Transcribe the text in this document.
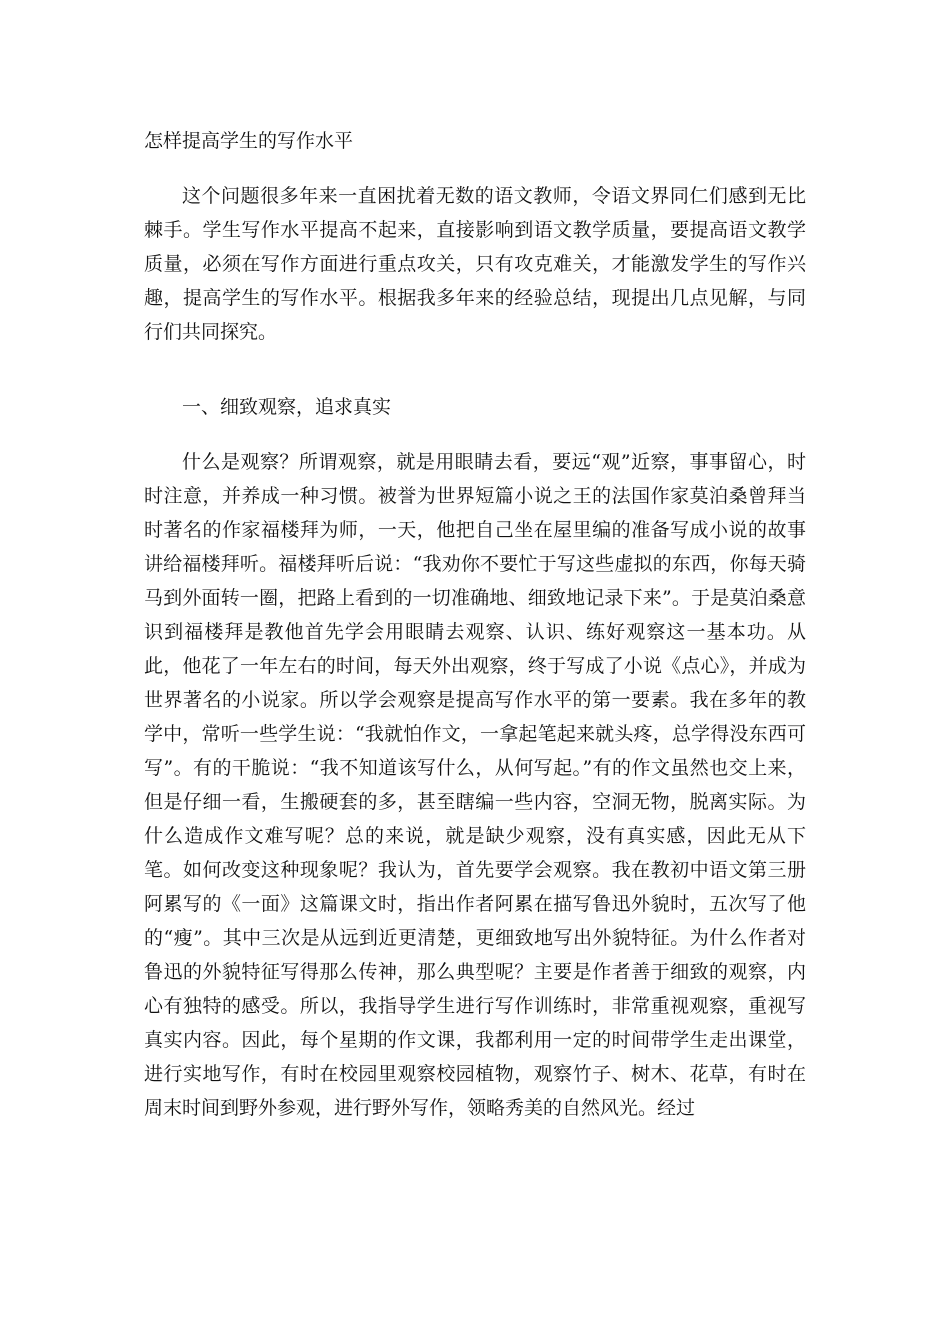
怎样提高学生的写作水平

这个问题很多年来一直困扰着无数的语文教师，令语文界同仁们感到无比棘手。学生写作水平提高不起来，直接影响到语文教学质量，要提高语文教学质量，必须在写作方面进行重点攻关，只有攻克难关，才能激发学生的写作兴趣，提高学生的写作水平。根据我多年来的经验总结，现提出几点见解，与同行们共同探究。

一、细致观察，追求真实

什么是观察？所谓观察，就是用眼睛去看，要远“观”近察，事事留心，时时注意，并养成一种习惯。被誉为世界短篇小说之王的法国作家莫泊桑曾拜当时著名的作家福楼拜为师，一天，他把自己坐在屋里编的准备写成小说的故事讲给福楼拜听。福楼拜听后说：“我劝你不要忙于写这些虚拟的东西，你每天骑马到外面转一圈，把路上看到的一切准确地、细致地记录下来”。于是莫泊桑意识到福楼拜是教他首先学会用眼睛去观察、认识、练好观察这一基本功。从此，他花了一年左右的时间，每天外出观察，终于写成了小说《点心》，并成为世界著名的小说家。所以学会观察是提高写作水平的第一要素。我在多年的教学中，常听一些学生说：“我就怕作文，一拿起笔起来就头疼，总学得没东西可写”。有的干脆说：“我不知道该写什么，从何写起。”有的作文虽然也交上来，但是仔细一看，生搬硬套的多，甚至瞎编一些内容，空洞无物，脱离实际。为什么造成作文难写呢？总的来说，就是缺少观察，没有真实感，因此无从下笔。如何改变这种现象呢？我认为，首先要学会观察。我在教初中语文第三册阿累写的《一面》这篇课文时，指出作者阿累在描写鲁迅外貌时，五次写了他的“瘦”。其中三次是从远到近更清楚，更细致地写出外貌特征。为什么作者对鲁迅的外貌特征写得那么传神，那么典型呢？主要是作者善于细致的观察，内心有独特的感受。所以，我指导学生进行写作训练时，非常重视观察，重视写真实内容。因此，每个星期的作文课，我都利用一定的时间带学生走出课堂，进行实地写作，有时在校园里观察校园植物，观察竹子、树木、花草，有时在周末时间到野外参观，进行野外写作，领略秀美的自然风光。经过
